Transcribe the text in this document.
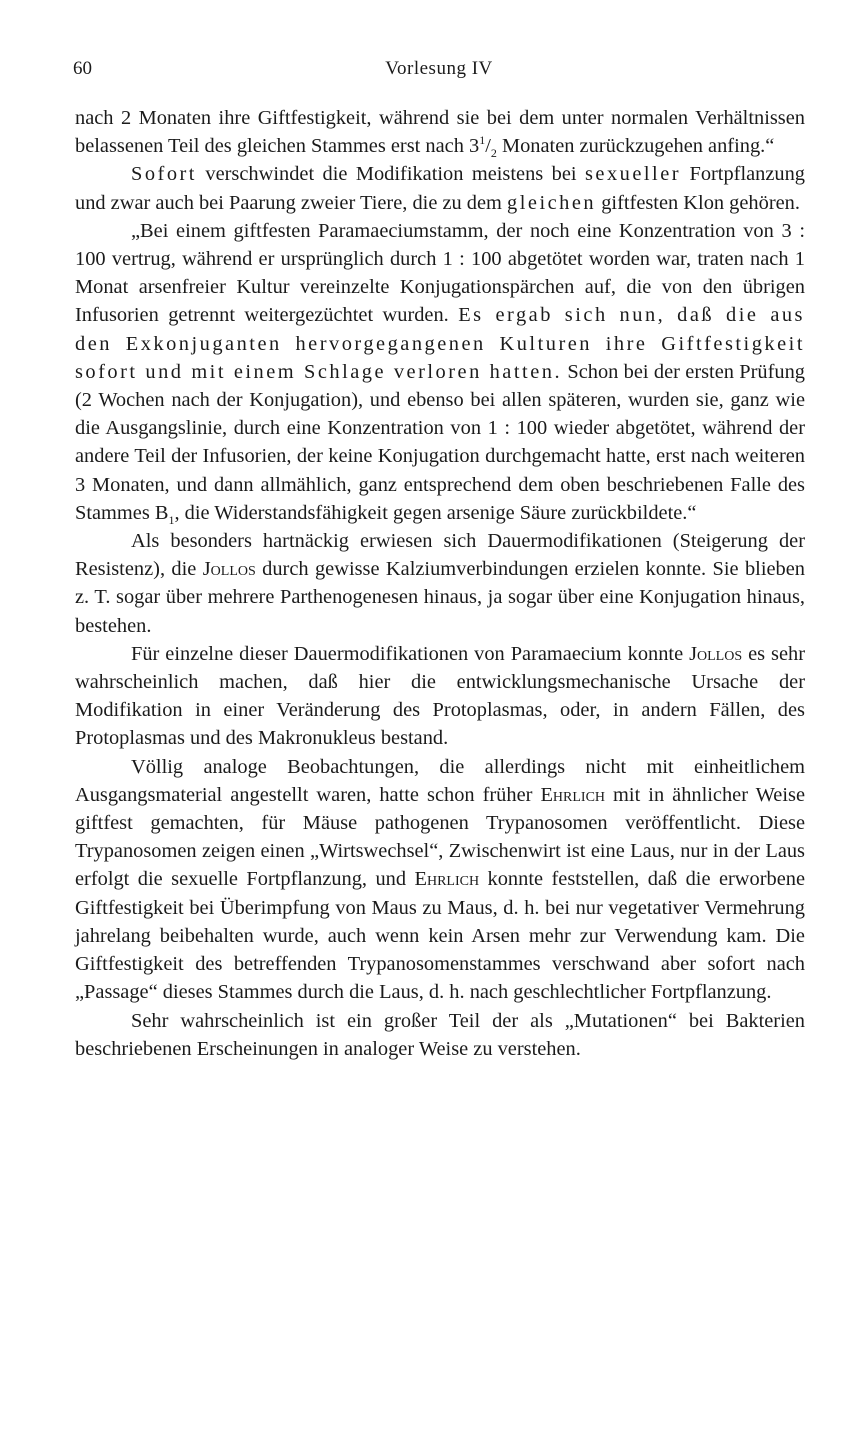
60	Vorlesung IV

nach 2 Monaten ihre Giftfestigkeit, während sie bei dem unter normalen Verhältnissen belassenen Teil des gleichen Stammes erst nach $3^1/_2$ Monaten zurückzugehen anfing.“

Sofort verschwindet die Modifikation meistens bei sexueller Fortpflanzung und zwar auch bei Paarung zweier Tiere, die zu dem gleichen giftfesten Klon gehören.

„Bei einem giftfesten Paramaeciumstamm, der noch eine Konzentration von 3 : 100 vertrug, während er ursprünglich durch 1 : 100 abgetötet worden war, traten nach 1 Monat arsenfreier Kultur vereinzelte Konjugationspärchen auf, die von den übrigen Infusorien getrennt weitergezüchtet wurden. Es ergab sich nun, daß die aus den Exkonjuganten hervorgegangenen Kulturen ihre Giftfestigkeit sofort und mit einem Schlage verloren hatten. Schon bei der ersten Prüfung (2 Wochen nach der Konjugation), und ebenso bei allen späteren, wurden sie, ganz wie die Ausgangslinie, durch eine Konzentration von 1 : 100 wieder abgetötet, während der andere Teil der Infusorien, der keine Konjugation durchgemacht hatte, erst nach weiteren 3 Monaten, und dann allmählich, ganz entsprechend dem oben beschriebenen Falle des Stammes $B_1$, die Widerstandsfähigkeit gegen arsenige Säure zurückbildete.“

Als besonders hartnäckig erwiesen sich Dauermodifikationen (Steigerung der Resistenz), die Jollos durch gewisse Kalziumverbindungen erzielen konnte. Sie blieben z. T. sogar über mehrere Parthenogenesen hinaus, ja sogar über eine Konjugation hinaus, bestehen.

Für einzelne dieser Dauermodifikationen von Paramaecium konnte Jollos es sehr wahrscheinlich machen, daß hier die entwicklungsmechanische Ursache der Modifikation in einer Veränderung des Protoplasmas, oder, in andern Fällen, des Protoplasmas und des Makronukleus bestand.

Völlig analoge Beobachtungen, die allerdings nicht mit einheitlichem Ausgangsmaterial angestellt waren, hatte schon früher Ehrlich mit in ähnlicher Weise giftfest gemachten, für Mäuse pathogenen Trypanosomen veröffentlicht. Diese Trypanosomen zeigen einen „Wirtswechsel“, Zwischenwirt ist eine Laus, nur in der Laus erfolgt die sexuelle Fortpflanzung, und Ehrlich konnte feststellen, daß die erworbene Giftfestigkeit bei Überimpfung von Maus zu Maus, d. h. bei nur vegetativer Vermehrung jahrelang beibehalten wurde, auch wenn kein Arsen mehr zur Verwendung kam. Die Giftfestigkeit des betreffenden Trypanosomenstammes verschwand aber sofort nach „Passage“ dieses Stammes durch die Laus, d. h. nach geschlechtlicher Fortpflanzung.

Sehr wahrscheinlich ist ein großer Teil der als „Mutationen“ bei Bakterien beschriebenen Erscheinungen in analoger Weise zu verstehen.
